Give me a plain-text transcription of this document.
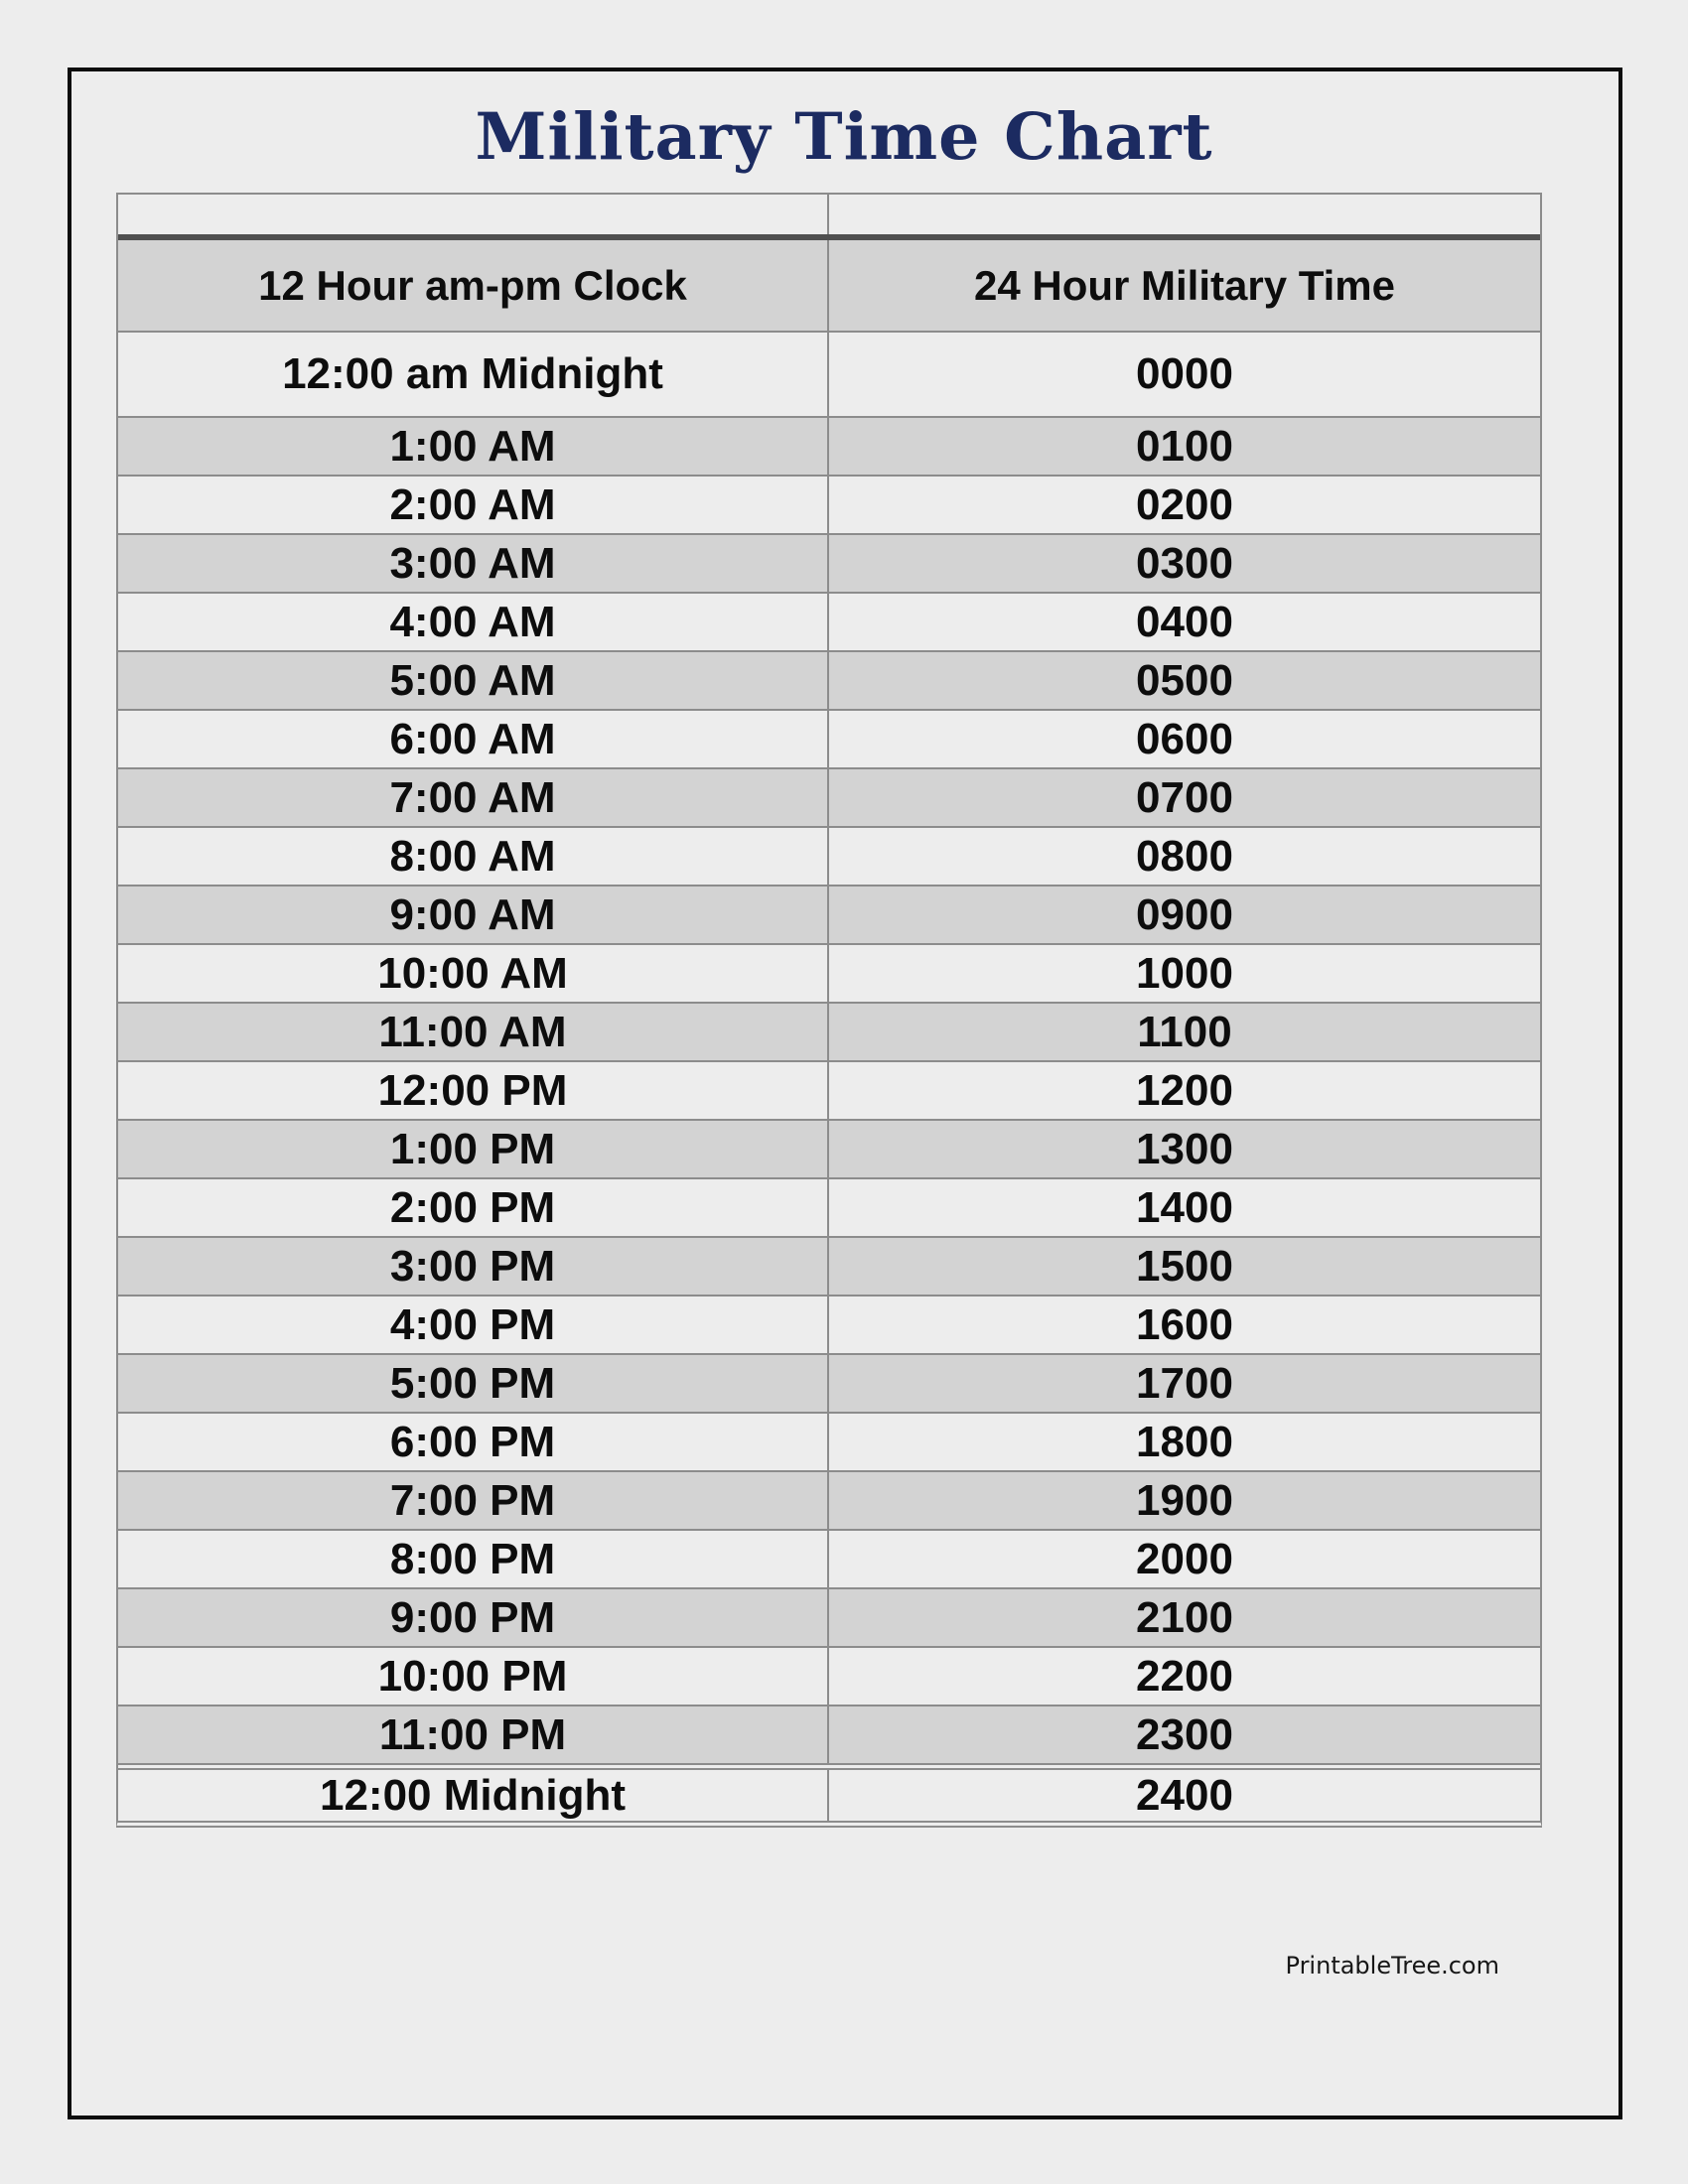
Military Time Chart
12 Hour am-pm Clock	24 Hour Military Time
12:00 am Midnight	0000
1:00 AM	0100
2:00 AM	0200
3:00 AM	0300
4:00 AM	0400
5:00 AM	0500
6:00 AM	0600
7:00 AM	0700
8:00 AM	0800
9:00 AM	0900
10:00 AM	1000
11:00 AM	1100
12:00 PM	1200
1:00 PM	1300
2:00 PM	1400
3:00 PM	1500
4:00 PM	1600
5:00 PM	1700
6:00 PM	1800
7:00 PM	1900
8:00 PM	2000
9:00 PM	2100
10:00 PM	2200
11:00 PM	2300
12:00 Midnight	2400
PrintableTree.com
